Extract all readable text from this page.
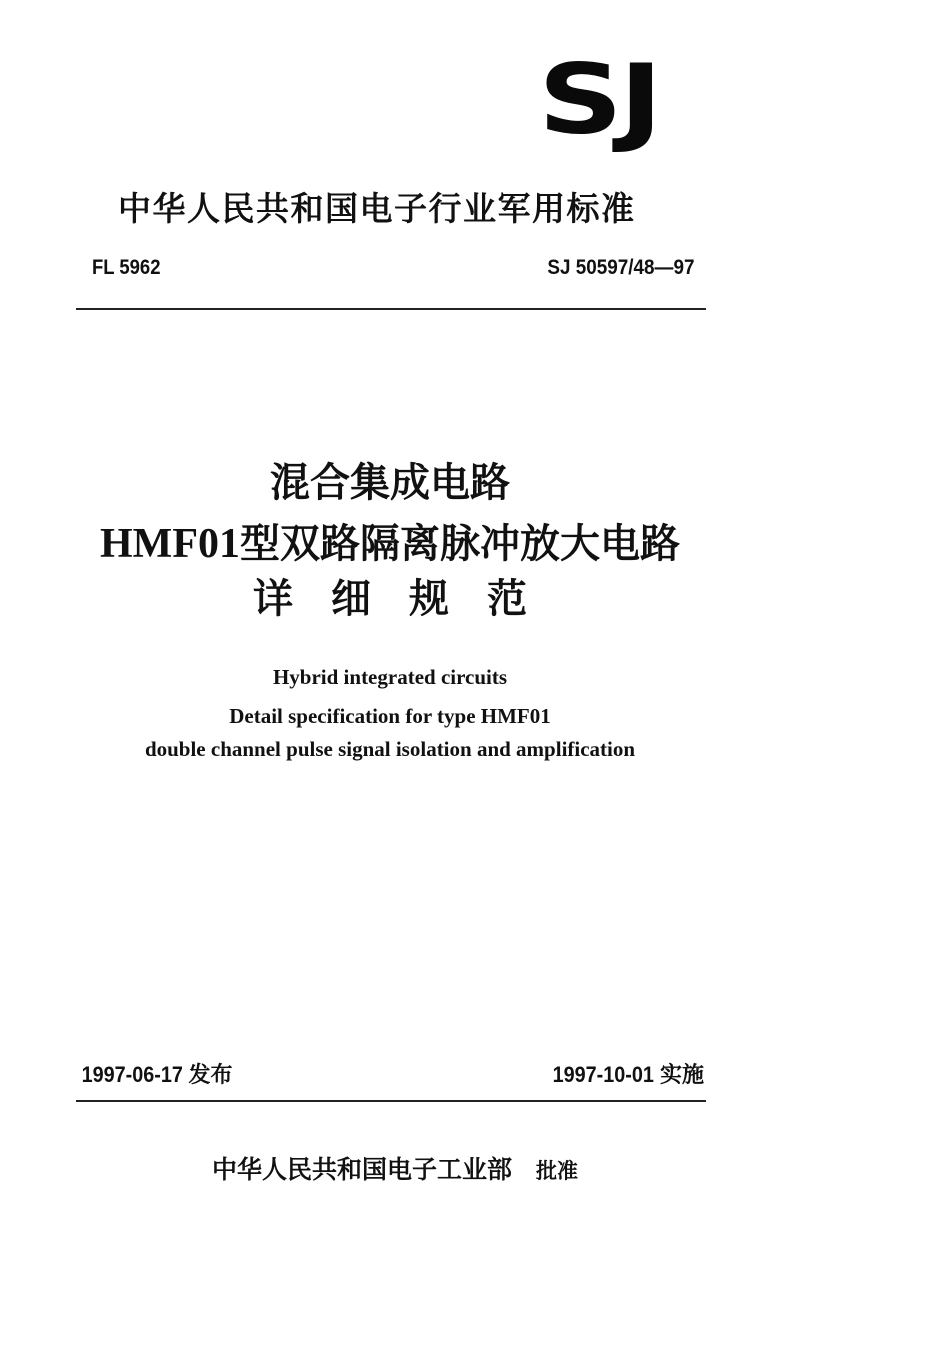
SJ
中华人民共和国电子行业军用标准
FL 5962	SJ 50597/48—97
混合集成电路
HMF01型双路隔离脉冲放大电路
详细规范
Hybrid integrated circuits
Detail specification for type HMF01
double channel pulse signal isolation and amplification
1997-06-17 发布	1997-10-01 实施
中华人民共和国电子工业部 批准
